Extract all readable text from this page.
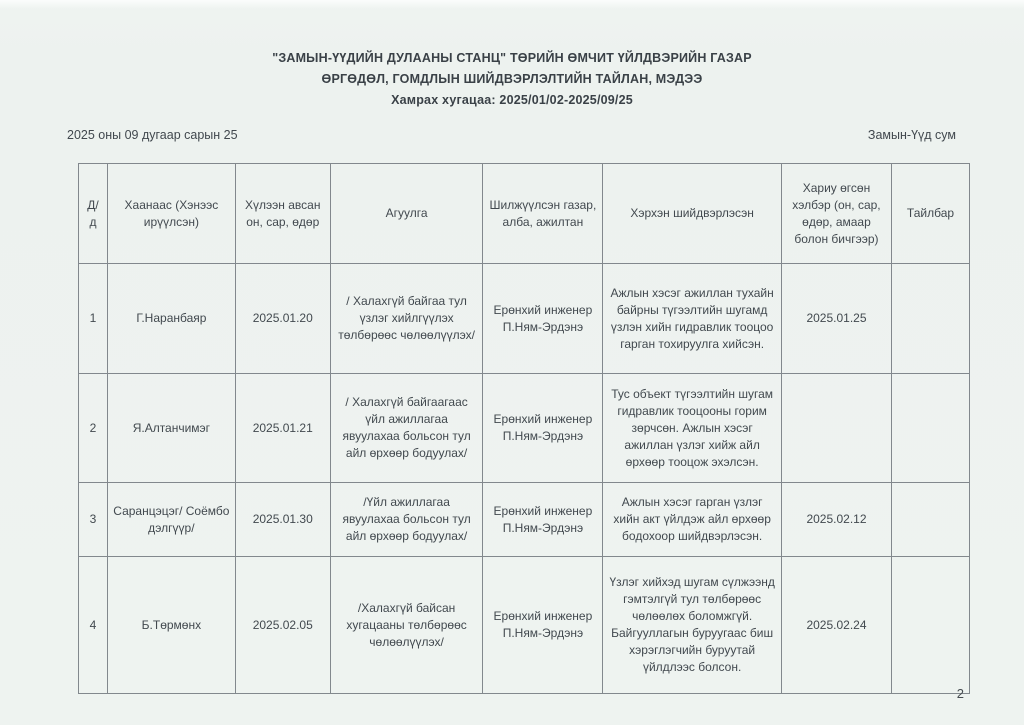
"ЗАМЫН-ҮҮДИЙН ДУЛААНЫ СТАНЦ" ТӨРИЙН ӨМЧИТ ҮЙЛДВЭРИЙН ГАЗАР
ӨРГӨДӨЛ, ГОМДЛЫН ШИЙДВЭРЛЭЛТИЙН ТАЙЛАН, МЭДЭЭ
Хамрах хугацаа: 2025/01/02-2025/09/25
2025 оны 09 дугаар сарын 25	Замын-Үүд сум
Д/д	Хаанаас (Хэнээс ирүүлсэн)	Хүлээн авсан он, сар, өдөр	Агуулга	Шилжүүлсэн газар, алба, ажилтан	Хэрхэн шийдвэрлэсэн	Хариу өгсөн хэлбэр (он, сар, өдөр, амаар болон бичгээр)	Тайлбар
1	Г.Наранбаяр	2025.01.20	/ Халахгүй байгаа тул үзлэг хийлгүүлэх төлбөрөөс чөлөөлүүлэх/	Ерөнхий инженер П.Ням-Эрдэнэ	Ажлын хэсэг ажиллан тухайн байрны түгээлтийн шугамд үзлэн хийн гидравлик тооцоо гарган тохируулга хийсэн.	2025.01.25	
2	Я.Алтанчимэг	2025.01.21	/ Халахгүй байгаагаас үйл ажиллагаа явуулахаа больсон тул айл өрхөөр бодуулах/	Ерөнхий инженер П.Ням-Эрдэнэ	Тус объект түгээлтийн шугам гидравлик тооцооны горим зөрчсөн. Ажлын хэсэг ажиллан үзлэг хийж айл өрхөөр тооцож эхэлсэн.		
3	Саранцэцэг/ Соёмбо дэлгүүр/	2025.01.30	/Үйл ажиллагаа явуулахаа больсон тул айл өрхөөр бодуулах/	Ерөнхий инженер П.Ням-Эрдэнэ	Ажлын хэсэг гарган үзлэг хийн акт үйлдэж айл өрхөөр бодохоор шийдвэрлэсэн.	2025.02.12	
4	Б.Төрмөнх	2025.02.05	/Халахгүй байсан хугацааны төлбөрөөс чөлөөлүүлэх/	Ерөнхий инженер П.Ням-Эрдэнэ	Үзлэг хийхэд шугам сүлжээнд гэмтэлгүй тул төлбөрөөс чөлөөлөх боломжгүй. Байгууллагын буруугаас биш хэрэглэгчийн буруутай үйлдлээс болсон.	2025.02.24	
2
